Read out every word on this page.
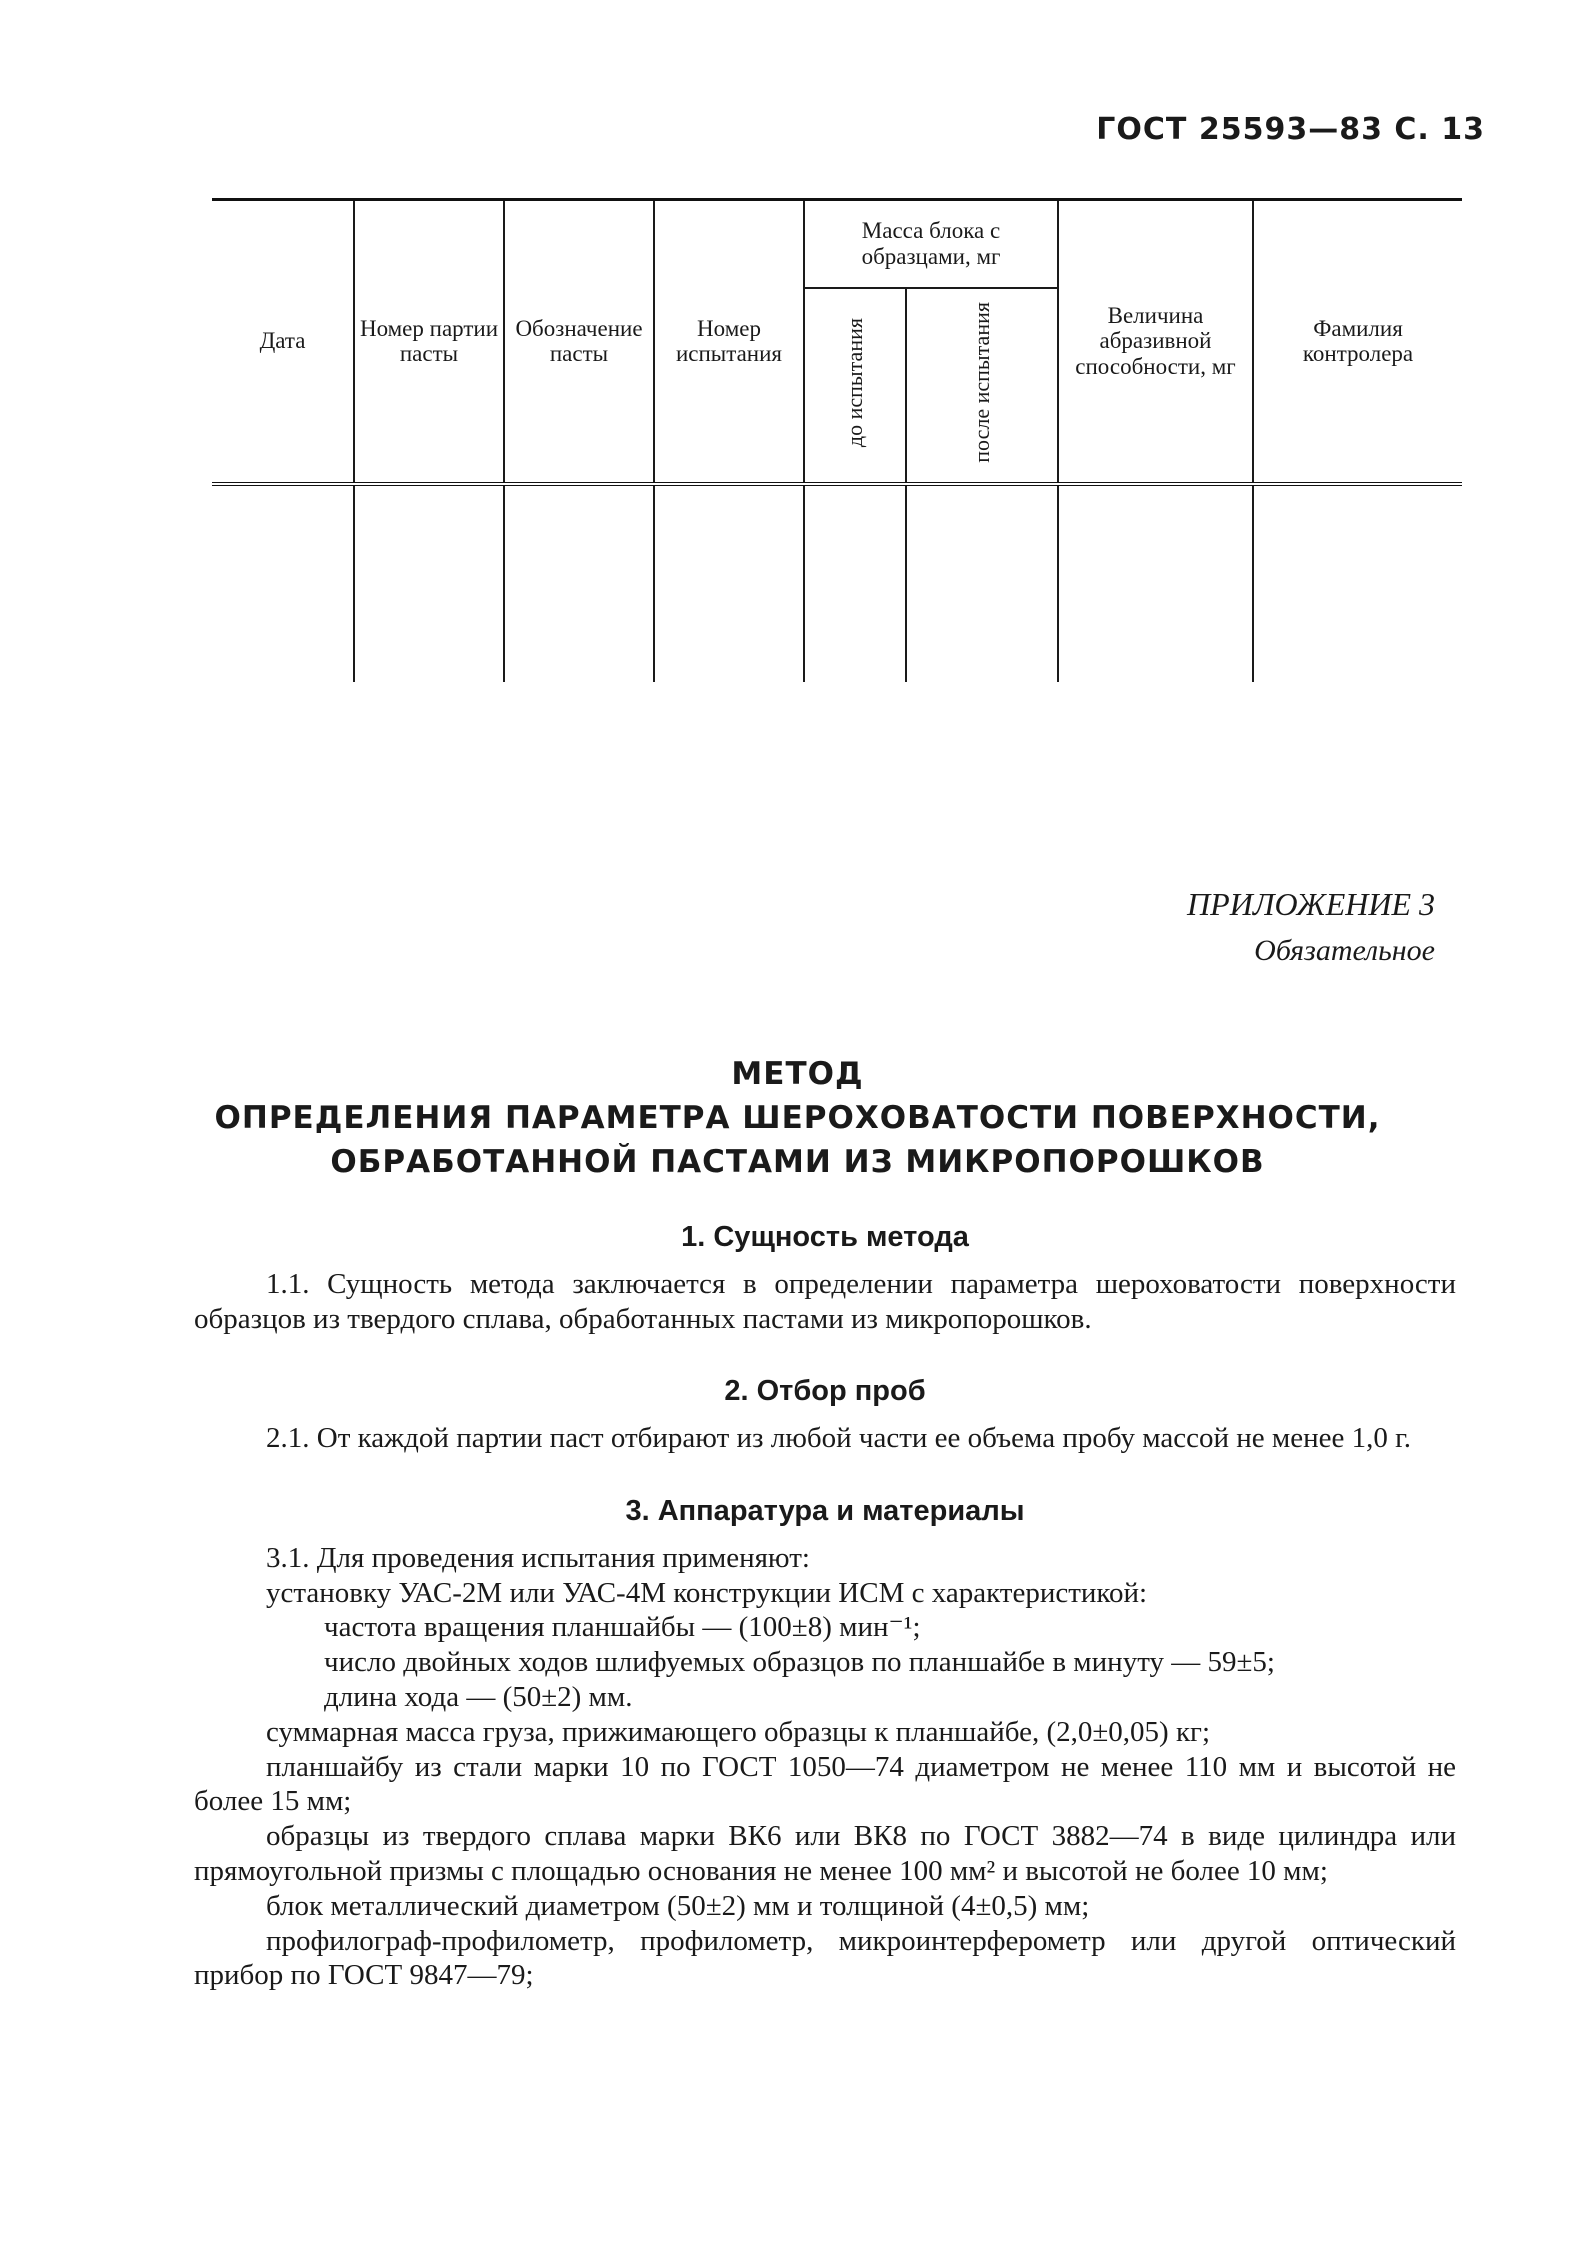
ГОСТ 25593—83 С. 13
Дата	Номер партии пасты	Обозначение пасты	Номер испытания	Масса блока с образцами, мг		Величина абразивной способности, мг	Фамилия контролера
				до испытания	после испытания		

ПРИЛОЖЕНИЕ 3
Обязательное
МЕТОД
ОПРЕДЕЛЕНИЯ ПАРАМЕТРА ШЕРОХОВАТОСТИ ПОВЕРХНОСТИ,
ОБРАБОТАННОЙ ПАСТАМИ ИЗ МИКРОПОРОШКОВ
1. Сущность метода

1.1. Сущность метода заключается в определении параметра шероховатости поверхности образцов из твердого сплава, обработанных пастами из микропорошков.

2. Отбор проб

2.1. От каждой партии паст отбирают из любой части ее объема пробу массой не менее 1,0 г.

3. Аппаратура и материалы

3.1. Для проведения испытания применяют:

установку УАС-2М или УАС-4М конструкции ИСМ с характеристикой:

частота вращения планшайбы — (100±8) мин⁻¹;

число двойных ходов шлифуемых образцов по планшайбе в минуту — 59±5;

длина хода — (50±2) мм.

суммарная масса груза, прижимающего образцы к планшайбе, (2,0±0,05) кг;

планшайбу из стали марки 10 по ГОСТ 1050—74 диаметром не менее 110 мм и высотой не более 15 мм;

образцы из твердого сплава марки ВК6 или ВК8 по ГОСТ 3882—74 в виде цилиндра или прямоугольной призмы с площадью основания не менее 100 мм² и высотой не более 10 мм;

блок металлический диаметром (50±2) мм и толщиной (4±0,5) мм;

профилограф-профилометр, профилометр, микроинтерферометр или другой оптический прибор по ГОСТ 9847—79;
